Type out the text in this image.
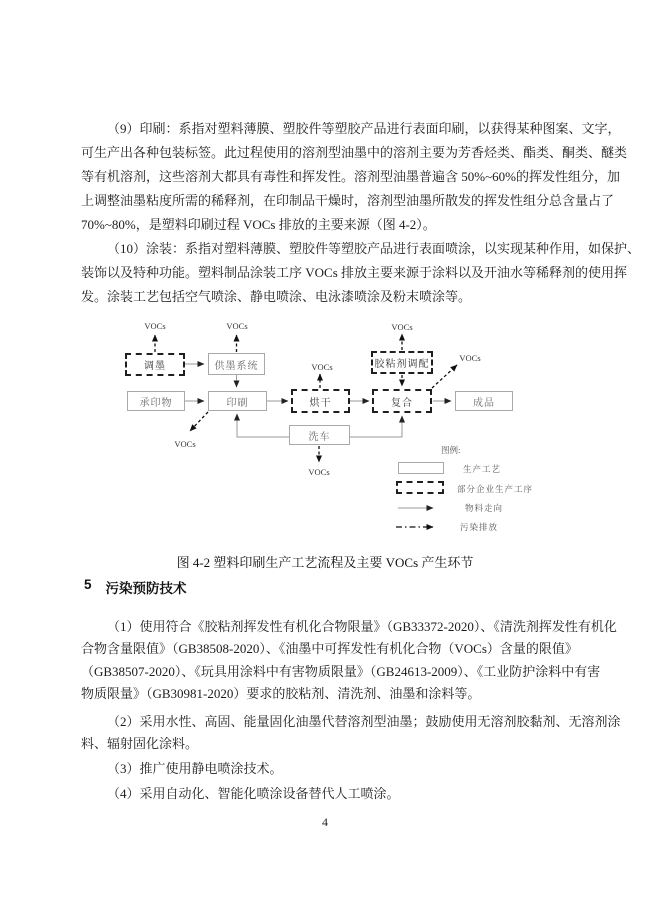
（9）印刷：系指对塑料薄膜、塑胶件等塑胶产品进行表面印刷，以获得某种图案、文字，
可生产出各种包装标签。此过程使用的溶剂型油墨中的溶剂主要为芳香烃类、酯类、酮类、醚类
等有机溶剂，这些溶剂大都具有毒性和挥发性。溶剂型油墨普遍含 50%~60%的挥发性组分，加
上调整油墨粘度所需的稀释剂，在印制品干燥时，溶剂型油墨所散发的挥发性组分总含量占了
70%~80%，是塑料印刷过程 VOCs 排放的主要来源（图 4-2）。
（10）涂装：系指对塑料薄膜、塑胶件等塑胶产品进行表面喷涂，以实现某种作用，如保护、
装饰以及特种功能。塑料制品涂装工序 VOCs 排放主要来源于涂料以及开油水等稀释剂的使用挥
发。涂装工艺包括空气喷涂、静电喷涂、电泳漆喷涂及粉末喷涂等。
调墨	供墨系统	胶粘剂调配
承印物	印刷	烘干	复合	成品
洗车
VOCs	VOCs
VOCs
VOCs
VOCs
VOCs
VOCs
图例:
生产工艺
部分企业生产工序
物料走向
污染排放
图 4-2 塑料印刷生产工艺流程及主要 VOCs 产生环节
5 污染预防技术
（1）使用符合《胶粘剂挥发性有机化合物限量》（GB33372-2020）、《清洗剂挥发性有机化
合物含量限值》（GB38508-2020）、《油墨中可挥发性有机化合物（VOCs）含量的限值》
（GB38507-2020）、《玩具用涂料中有害物质限量》（GB24613-2009）、《工业防护涂料中有害
物质限量》（GB30981-2020）要求的胶粘剂、清洗剂、油墨和涂料等。
（2）采用水性、高固、能量固化油墨代替溶剂型油墨；鼓励使用无溶剂胶黏剂、无溶剂涂
料、辐射固化涂料。
（3）推广使用静电喷涂技术。
（4）采用自动化、智能化喷涂设备替代人工喷涂。
4
